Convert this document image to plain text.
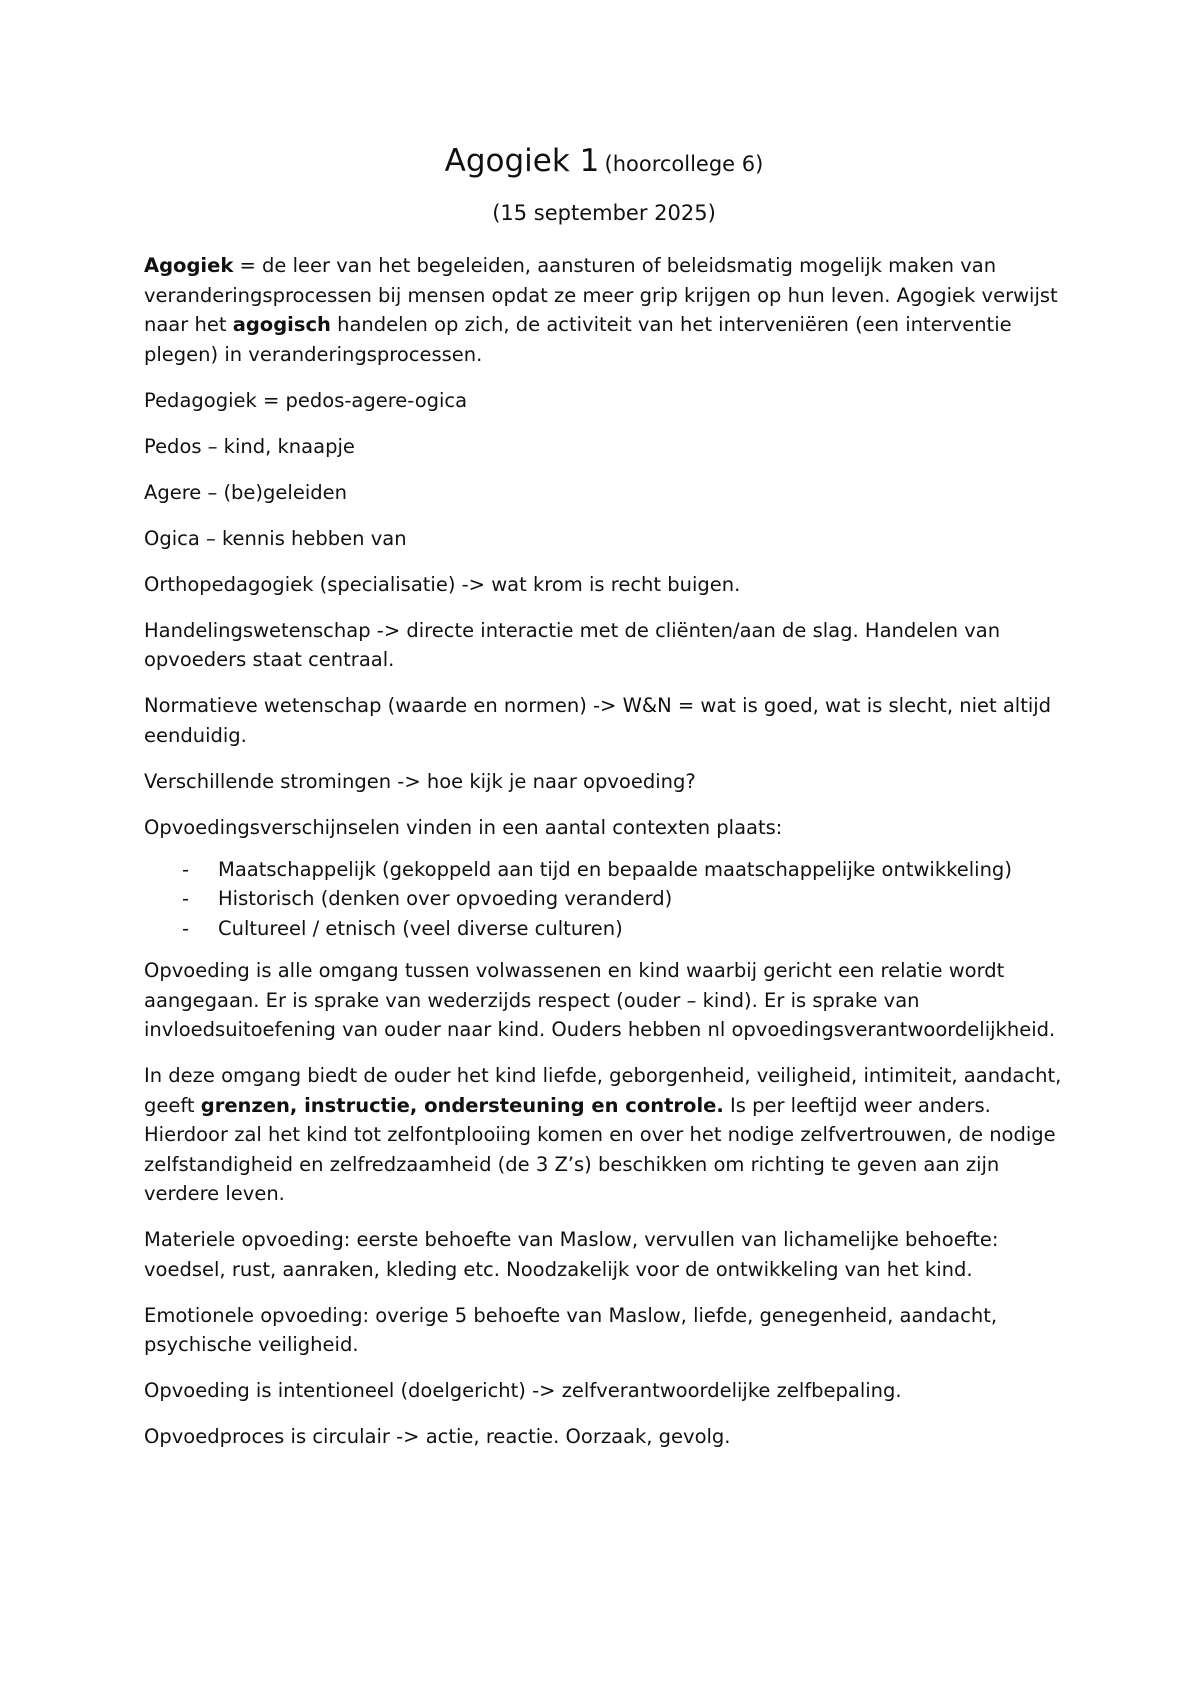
Agogiek 1 (hoorcollege 6)
(15 september 2025)

Agogiek = de leer van het begeleiden, aansturen of beleidsmatig mogelijk maken van veranderingsprocessen bij mensen opdat ze meer grip krijgen op hun leven. Agogiek verwijst naar het agogisch handelen op zich, de activiteit van het interveniëren (een interventie plegen) in veranderingsprocessen.

Pedagogiek = pedos-agere-ogica

Pedos – kind, knaapje

Agere – (be)geleiden

Ogica – kennis hebben van

Orthopedagogiek (specialisatie) -> wat krom is recht buigen.

Handelingswetenschap -> directe interactie met de cliënten/aan de slag. Handelen van opvoeders staat centraal.

Normatieve wetenschap (waarde en normen) -> W&N = wat is goed, wat is slecht, niet altijd eenduidig.

Verschillende stromingen -> hoe kijk je naar opvoeding?

Opvoedingsverschijnselen vinden in een aantal contexten plaats:

- Maatschappelijk (gekoppeld aan tijd en bepaalde maatschappelijke ontwikkeling)
- Historisch (denken over opvoeding veranderd)
- Cultureel / etnisch (veel diverse culturen)

Opvoeding is alle omgang tussen volwassenen en kind waarbij gericht een relatie wordt aangegaan. Er is sprake van wederzijds respect (ouder – kind). Er is sprake van invloedsuitoefening van ouder naar kind. Ouders hebben nl opvoedingsverantwoordelijkheid.

In deze omgang biedt de ouder het kind liefde, geborgenheid, veiligheid, intimiteit, aandacht, geeft grenzen, instructie, ondersteuning en controle. Is per leeftijd weer anders. Hierdoor zal het kind tot zelfontplooiing komen en over het nodige zelfvertrouwen, de nodige zelfstandigheid en zelfredzaamheid (de 3 Z’s) beschikken om richting te geven aan zijn verdere leven.

Materiele opvoeding: eerste behoefte van Maslow, vervullen van lichamelijke behoefte: voedsel, rust, aanraken, kleding etc. Noodzakelijk voor de ontwikkeling van het kind.

Emotionele opvoeding: overige 5 behoefte van Maslow, liefde, genegenheid, aandacht, psychische veiligheid.

Opvoeding is intentioneel (doelgericht) -> zelfverantwoordelijke zelfbepaling.

Opvoedproces is circulair -> actie, reactie. Oorzaak, gevolg.
